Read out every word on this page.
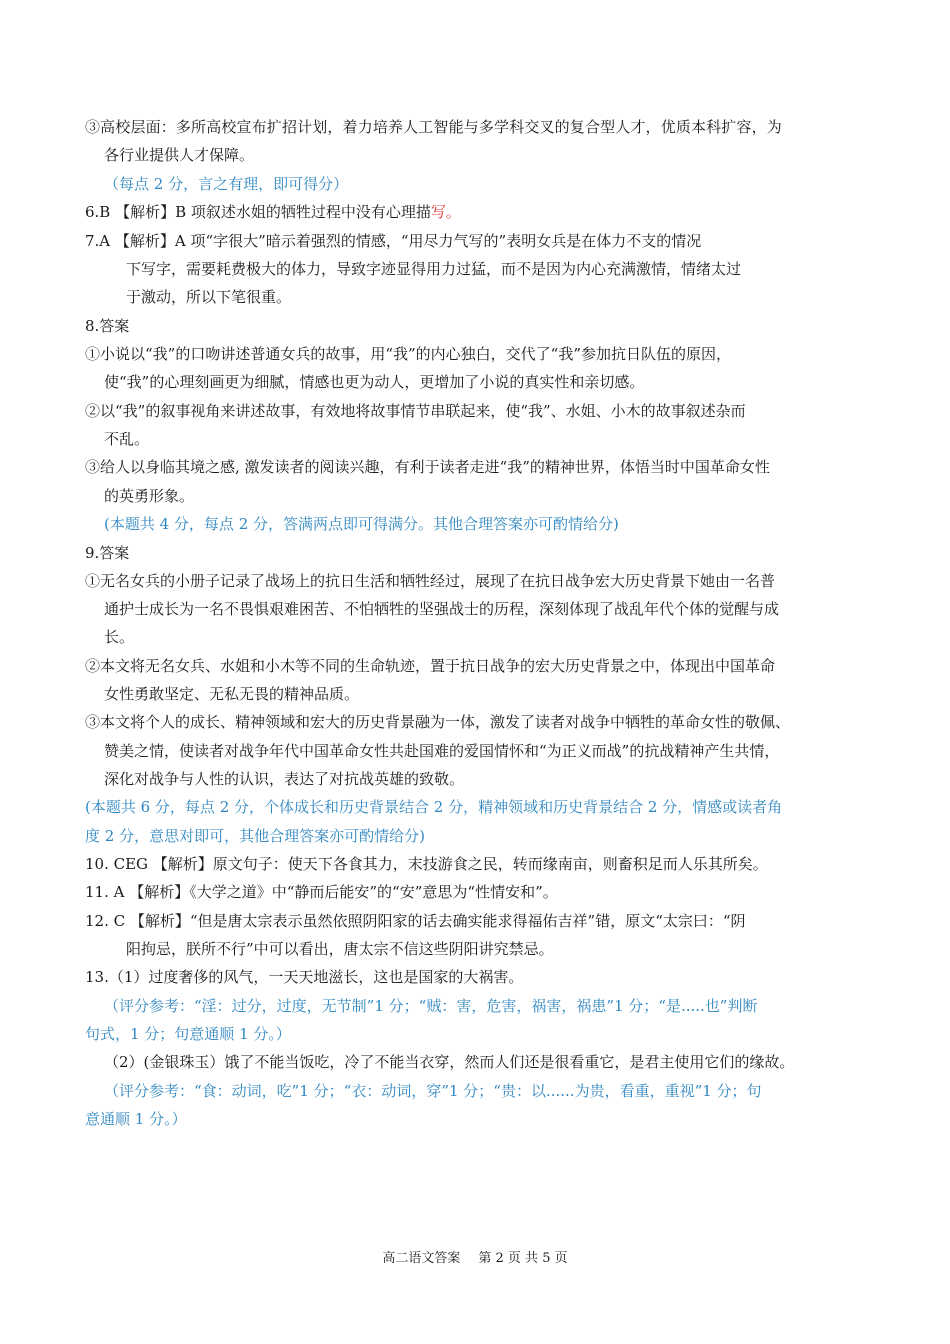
③高校层面：多所高校宣布扩招计划，着力培养人工智能与多学科交叉的复合型人才，优质本科扩容，为
各行业提供人才保障。
（每点 2 分，言之有理，即可得分）
6.B 【解析】B 项叙述水姐的牺牲过程中没有心理描写。
7.A 【解析】A 项“字很大”暗示着强烈的情感，“用尽力气写的”表明女兵是在体力不支的情况
下写字，需要耗费极大的体力，导致字迹显得用力过猛，而不是因为内心充满激情，情绪太过
于激动，所以下笔很重。
8.答案
①小说以“我”的口吻讲述普通女兵的故事，用“我”的内心独白，交代了“我”参加抗日队伍的原因，
使“我”的心理刻画更为细腻，情感也更为动人，更增加了小说的真实性和亲切感。
②以“我”的叙事视角来讲述故事，有效地将故事情节串联起来，使“我”、水姐、小木的故事叙述杂而
不乱。
③给人以身临其境之感, 激发读者的阅读兴趣，有利于读者走进“我”的精神世界，体悟当时中国革命女性
的英勇形象。
(本题共 4 分，每点 2 分，答满两点即可得满分。其他合理答案亦可酌情给分)
9.答案
①无名女兵的小册子记录了战场上的抗日生活和牺牲经过，展现了在抗日战争宏大历史背景下她由一名普
通护士成长为一名不畏惧艰难困苦、不怕牺牲的坚强战士的历程，深刻体现了战乱年代个体的觉醒与成
长。
②本文将无名女兵、水姐和小木等不同的生命轨迹，置于抗日战争的宏大历史背景之中，体现出中国革命
女性勇敢坚定、无私无畏的精神品质。
③本文将个人的成长、精神领域和宏大的历史背景融为一体，激发了读者对战争中牺牲的革命女性的敬佩、
赞美之情，使读者对战争年代中国革命女性共赴国难的爱国情怀和“为正义而战”的抗战精神产生共情，
深化对战争与人性的认识，表达了对抗战英雄的致敬。
(本题共 6 分，每点 2 分，个体成长和历史背景结合 2 分，精神领域和历史背景结合 2 分，情感或读者角
度 2 分，意思对即可，其他合理答案亦可酌情给分)
10. CEG 【解析】原文句子：使天下各食其力，末技游食之民，转而缘南亩，则畜积足而人乐其所矣。
11. A 【解析】《大学之道》中“静而后能安”的“安”意思为“性情安和”。
12. C 【解析】“但是唐太宗表示虽然依照阴阳家的话去确实能求得福佑吉祥”错，原文“太宗曰：“阴
阳拘忌，朕所不行”中可以看出，唐太宗不信这些阴阳讲究禁忌。
13.（1）过度奢侈的风气，一天天地滋长，这也是国家的大祸害。
（评分参考：“淫：过分，过度，无节制”1 分；“贼：害，危害，祸害，祸患”1 分；“是.....也”判断
句式，1 分；句意通顺 1 分。）
（2）(金银珠玉）饿了不能当饭吃，冷了不能当衣穿，然而人们还是很看重它，是君主使用它们的缘故。
（评分参考：“食：动词，吃”1 分；“衣：动词，穿”1 分；“贵：以......为贵，看重，重视”1 分；句
意通顺 1 分。）
高二语文答案 第 2 页 共 5 页
